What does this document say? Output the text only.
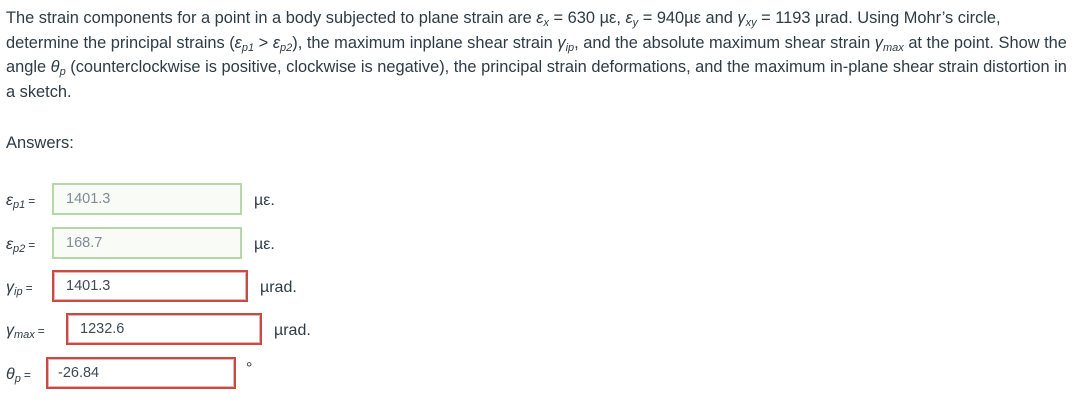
The strain components for a point in a body subjected to plane strain are $\varepsilon_x = 630$ µε, $\varepsilon_y = 940\mu\varepsilon$ and $\gamma_{xy} = 1193$ µrad. Using Mohr’s circle, determine the principal strains $(\varepsilon_{p1} > \varepsilon_{p2})$, the maximum inplane shear strain $\gamma_{ip}$, and the absolute maximum shear strain $\gamma_{max}$ at the point. Show the angle $\theta_p$ (counterclockwise is positive, clockwise is negative), the principal strain deformations, and the maximum in-plane shear strain distortion in a sketch.
Answers:
$\varepsilon_{p1}$ =
1401.3	µε.
$\varepsilon_{p2}$ =
168.7	µε.
$\gamma_{ip}$ =
1401.3	µrad.
$\gamma_{max}$ =
1232.6	µrad.
$\theta_p$ =
-26.84	°
